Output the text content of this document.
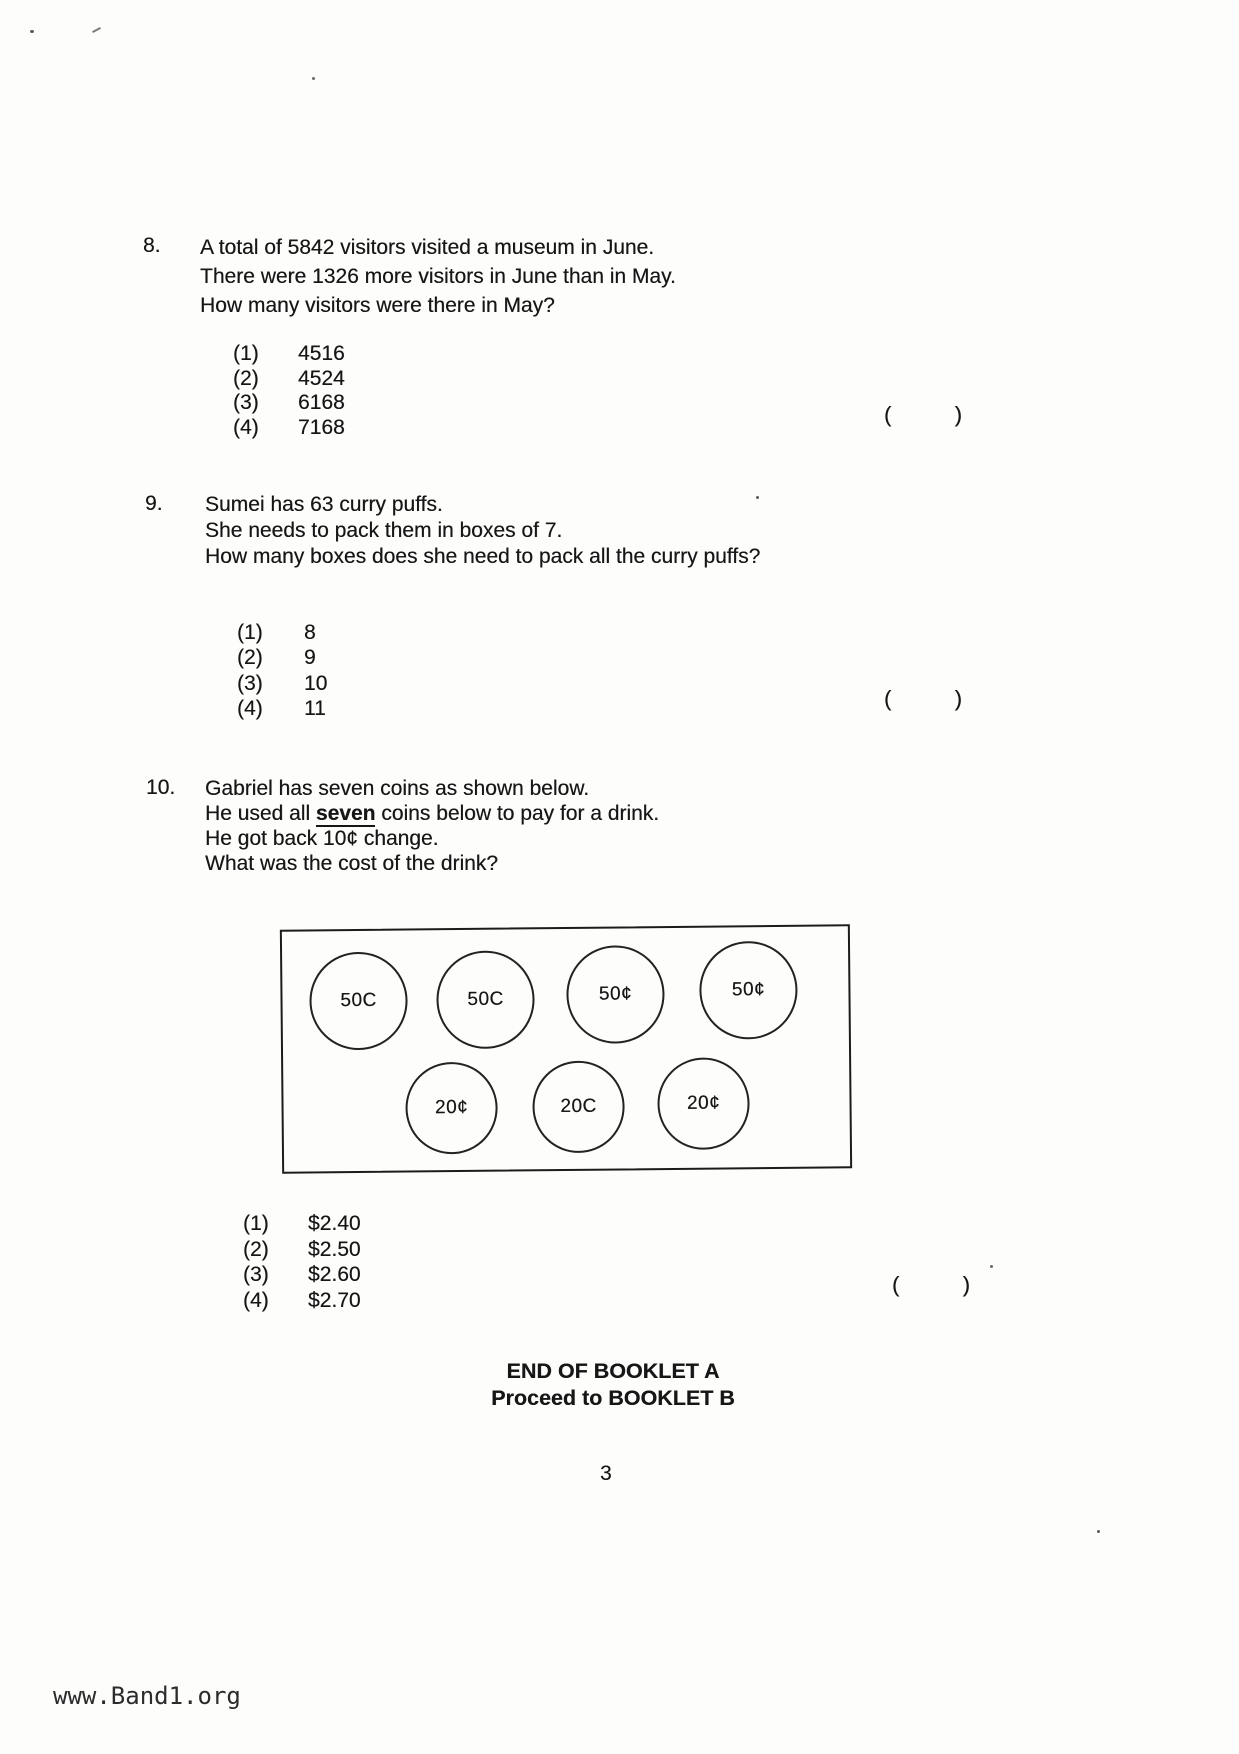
8. A total of 5842 visitors visited a museum in June.
There were 1326 more visitors in June than in May.
How many visitors were there in May?
(1)	4516
(2)	4524
(3)	6168
(4)	7168	(	)
9. Sumei has 63 curry puffs.
She needs to pack them in boxes of 7.
How many boxes does she need to pack all the curry puffs?
(1)	8
(2)	9
(3)	10
(4)	11	(	)
10. Gabriel has seven coins as shown below.
He used all seven coins below to pay for a drink.
He got back 10¢ change.
What was the cost of the drink?
50C	50C	50¢	50¢
20¢	20C	20¢
(1)	$2.40
(2)	$2.50
(3)	$2.60
(4)	$2.70
(	)
END OF BOOKLET A
Proceed to BOOKLET B
3
www.Band1.org
